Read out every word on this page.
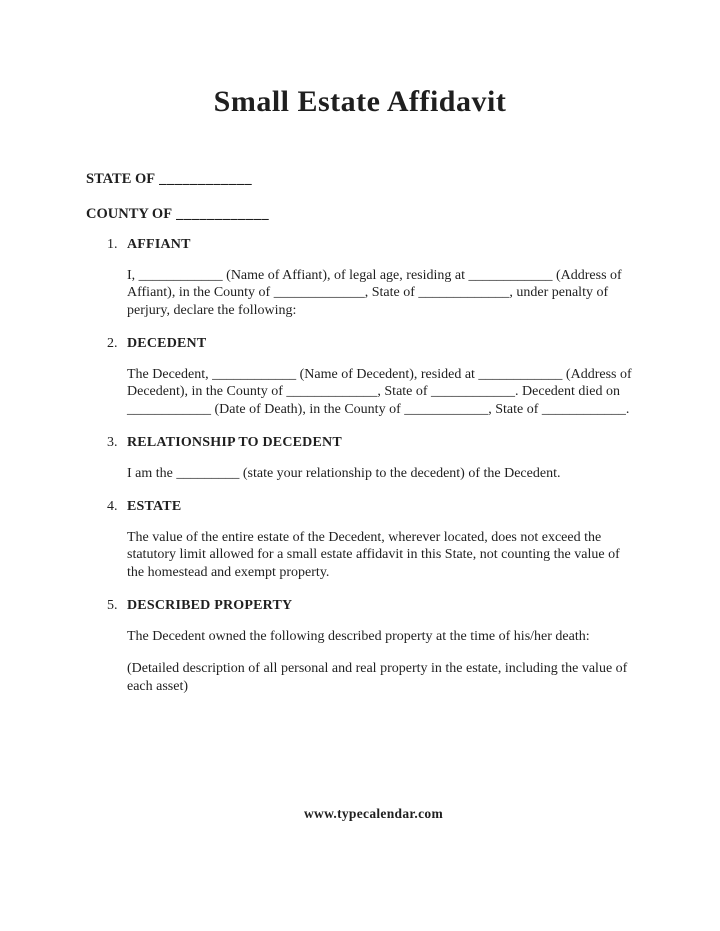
Small Estate Affidavit
STATE OF ____________
COUNTY OF ____________
1. AFFIANT
I, ____________ (Name of Affiant), of legal age, residing at ____________ (Address of
Affiant), in the County of _____________, State of _____________, under penalty of
perjury, declare the following:
2. DECEDENT
The Decedent, ____________ (Name of Decedent), resided at ____________ (Address of
Decedent), in the County of _____________, State of ____________. Decedent died on
____________ (Date of Death), in the County of ____________, State of ____________.
3. RELATIONSHIP TO DECEDENT
I am the _________ (state your relationship to the decedent) of the Decedent.
4. ESTATE
The value of the entire estate of the Decedent, wherever located, does not exceed the
statutory limit allowed for a small estate affidavit in this State, not counting the value of
the homestead and exempt property.
5. DESCRIBED PROPERTY
The Decedent owned the following described property at the time of his/her death:
(Detailed description of all personal and real property in the estate, including the value of
each asset)
www.typecalendar.com
